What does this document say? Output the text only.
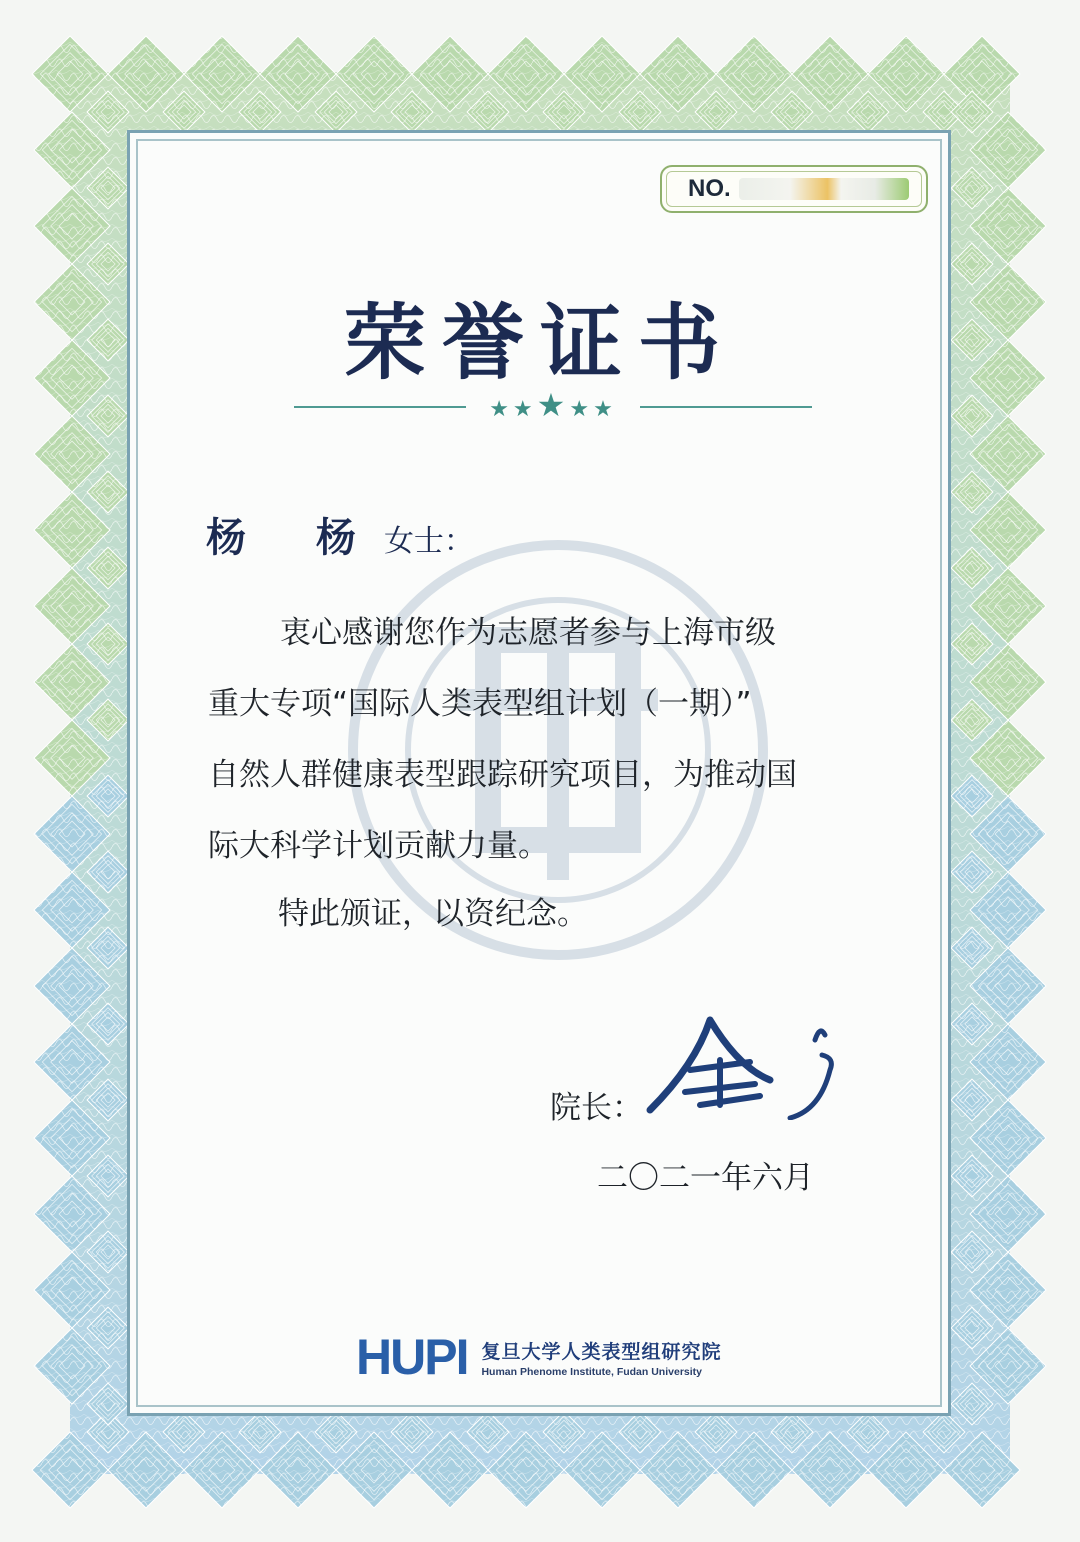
NO.
荣誉证书
★★★★★
杨 杨女士：
衷心感谢您作为志愿者参与上海市级
重大专项“国际人类表型组计划（一期）”
自然人群健康表型跟踪研究项目，为推动国
际大科学计划贡献力量。
特此颁证，以资纪念。
院长：
二〇二一年六月
HUPI 复旦大学人类表型组研究院
Human Phenome Institute, Fudan University
